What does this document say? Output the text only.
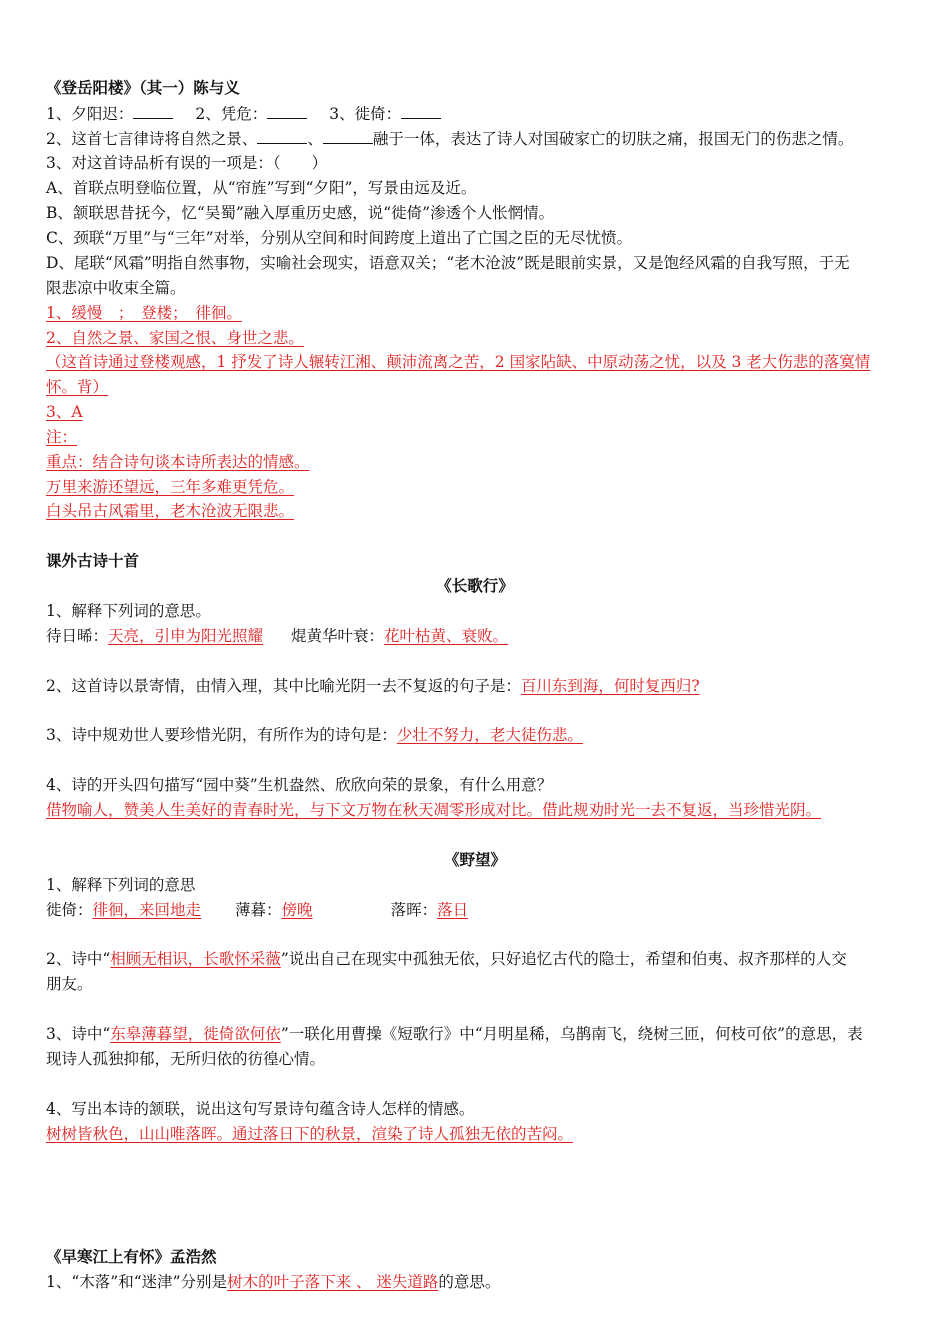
《登岳阳楼》（其一）陈与义
1、夕阳迟：	2、凭危：	3、徙倚：
2、这首七言律诗将自然之景、	、	融于一体，表达了诗人对国破家亡的切肤之痛，报国无门的伤悲之情。
3、对这首诗品析有误的一项是：（　　）
A、首联点明登临位置，从“帘旌”写到“夕阳”，写景由远及近。
B、颔联思昔抚今，忆“吴蜀”融入厚重历史感，说“徙倚”渗透个人怅惘情。
C、颈联“万里”与“三年”对举，分别从空间和时间跨度上道出了亡国之臣的无尽忧愤。
D、尾联“风霜”明指自然事物，实喻社会现实，语意双关；“老木沧波”既是眼前实景，又是饱经风霜的自我写照，于无
限悲凉中收束全篇。
1、缓慢　；　登楼；　徘徊。
2、自然之景、家国之恨、身世之悲。
（这首诗通过登楼观感，1 抒发了诗人辗转江湘、颠沛流离之苦，2 国家阽缺、中原动荡之忧，以及 3 老大伤悲的落寞情
怀。背）
3、A
注：
重点：结合诗句谈本诗所表达的情感。
万里来游还望远，三年多难更凭危。
白头吊古风霜里，老木沧波无限悲。
课外古诗十首
《长歌行》
1、解释下列词的意思。
待日晞：天亮，引申为阳光照耀 焜黄华叶衰：花叶枯黄、衰败。
2、这首诗以景寄情，由情入理，其中比喻光阴一去不复返的句子是：百川东到海，何时复西归?
3、诗中规劝世人要珍惜光阴，有所作为的诗句是：少壮不努力，老大徒伤悲。
4、诗的开头四句描写“园中葵”生机盎然、欣欣向荣的景象，有什么用意？
借物喻人，赞美人生美好的青春时光，与下文万物在秋天凋零形成对比。借此规劝时光一去不复返，当珍惜光阴。
《野望》
1、解释下列词的意思
徙倚：徘徊，来回地走 薄暮：傍晚	落晖：落日
2、诗中“相顾无相识，长歌怀采薇”说出自己在现实中孤独无依，只好追忆古代的隐士，希望和伯夷、叔齐那样的人交
朋友。
3、诗中“东皋薄暮望，徙倚欲何依”一联化用曹操《短歌行》中“月明星稀，乌鹊南飞，绕树三匝，何枝可依”的意思，表
现诗人孤独抑郁，无所归依的彷徨心情。
4、写出本诗的颔联，说出这句写景诗句蕴含诗人怎样的情感。
树树皆秋色，山山唯落晖。通过落日下的秋景，渲染了诗人孤独无依的苦闷。
《早寒江上有怀》孟浩然
1、“木落”和“迷津”分别是树木的叶子落下来 、 迷失道路的意思。
